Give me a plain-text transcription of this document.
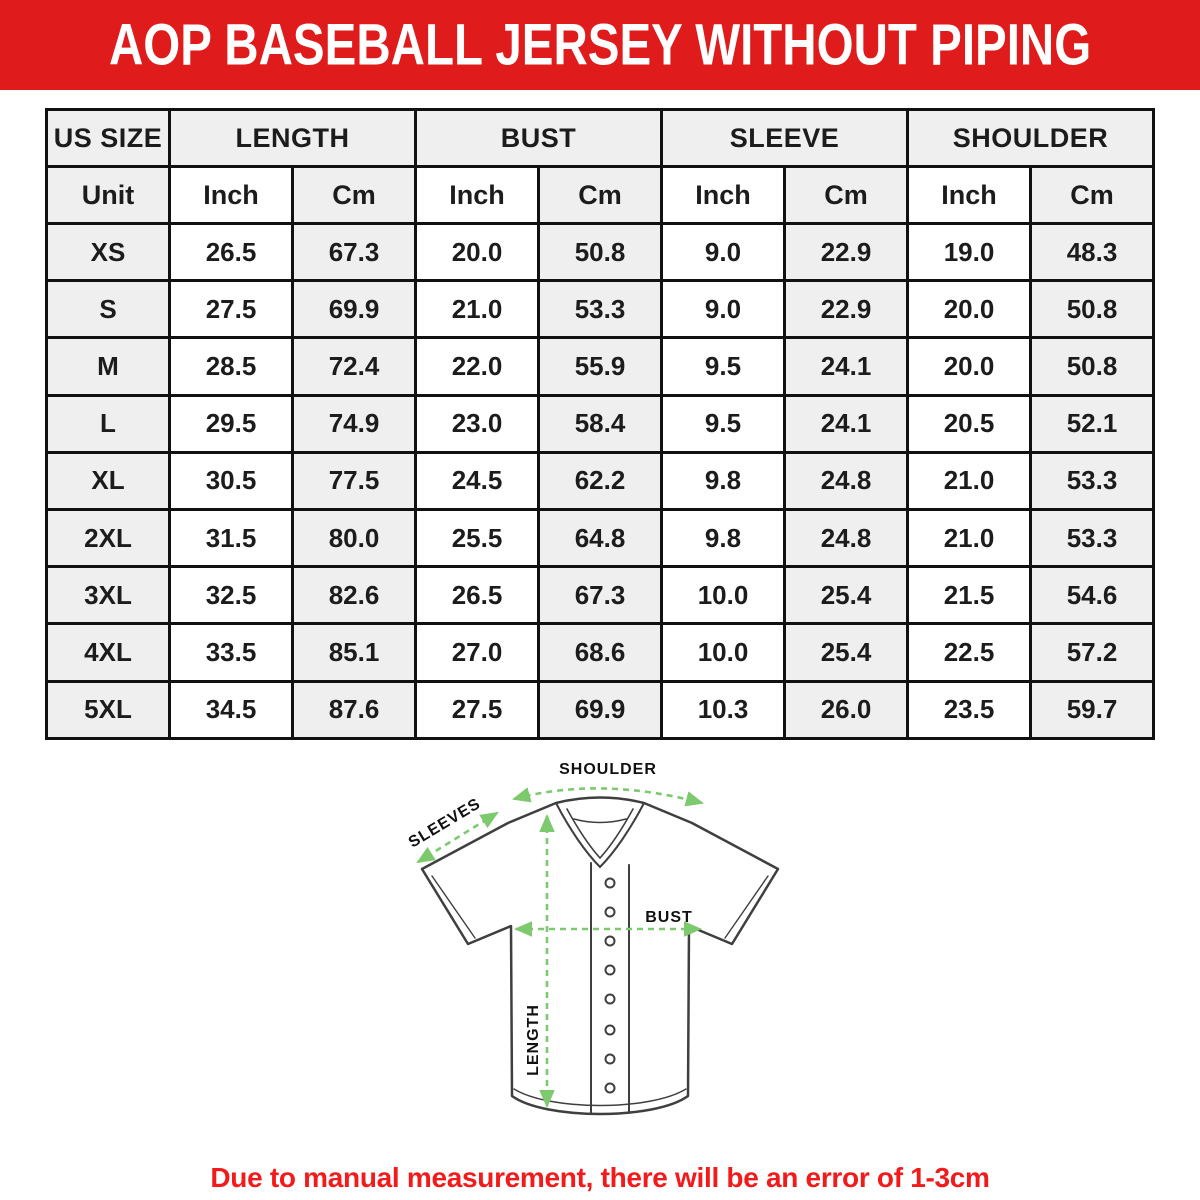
AOP BASEBALL JERSEY WITHOUT PIPING
US SIZE	LENGTH		BUST		SLEEVE		SHOULDER	
Unit	Inch	Cm	Inch	Cm	Inch	Cm	Inch	Cm
XS	26.5	67.3	20.0	50.8	9.0	22.9	19.0	48.3
S	27.5	69.9	21.0	53.3	9.0	22.9	20.0	50.8
M	28.5	72.4	22.0	55.9	9.5	24.1	20.0	50.8
L	29.5	74.9	23.0	58.4	9.5	24.1	20.5	52.1
XL	30.5	77.5	24.5	62.2	9.8	24.8	21.0	53.3
2XL	31.5	80.0	25.5	64.8	9.8	24.8	21.0	53.3
3XL	32.5	82.6	26.5	67.3	10.0	25.4	21.5	54.6
4XL	33.5	85.1	27.0	68.6	10.0	25.4	22.5	57.2
5XL	34.5	87.6	27.5	69.9	10.3	26.0	23.5	59.7
SHOULDER
SLEEVES
BUST
LENGTH
Due to manual measurement, there will be an error of 1-3cm
